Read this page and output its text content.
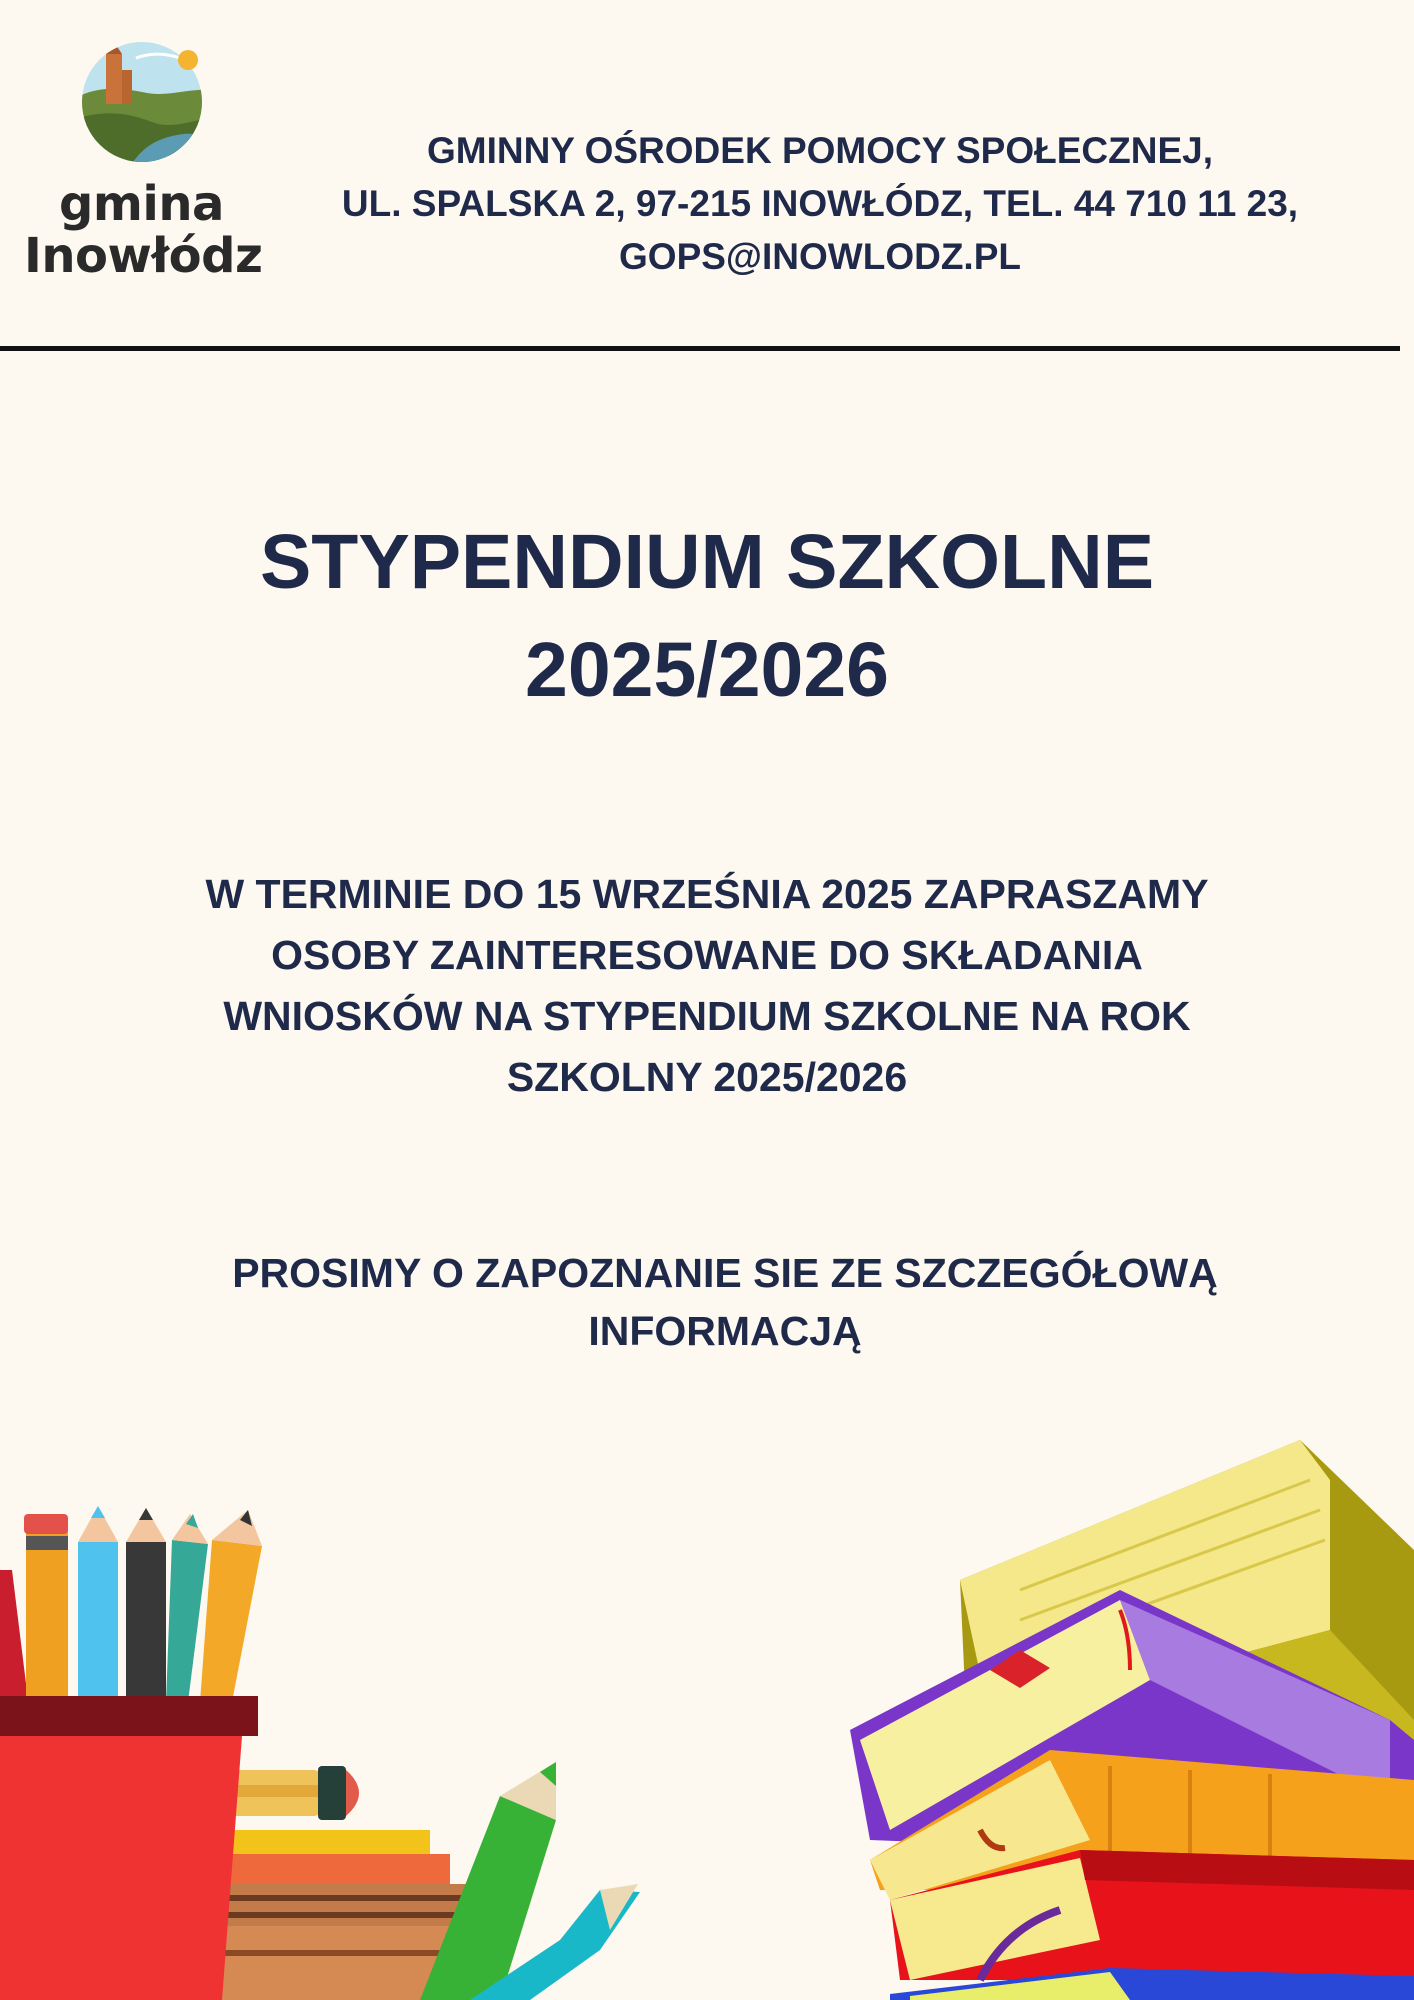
gmina
Inowłódz
GMINNY OŚRODEK POMOCY SPOŁECZNEJ,
UL. SPALSKA 2, 97-215 INOWŁÓDZ, TEL. 44 710 11 23,
GOPS@INOWLODZ.PL
STYPENDIUM SZKOLNE
2025/2026
W TERMINIE DO 15 WRZEŚNIA 2025 ZAPRASZAMY
OSOBY ZAINTERESOWANE DO SKŁADANIA
WNIOSKÓW NA STYPENDIUM SZKOLNE NA ROK
SZKOLNY 2025/2026
PROSIMY O ZAPOZNANIE SIE ZE SZCZEGÓŁOWĄ
INFORMACJĄ
